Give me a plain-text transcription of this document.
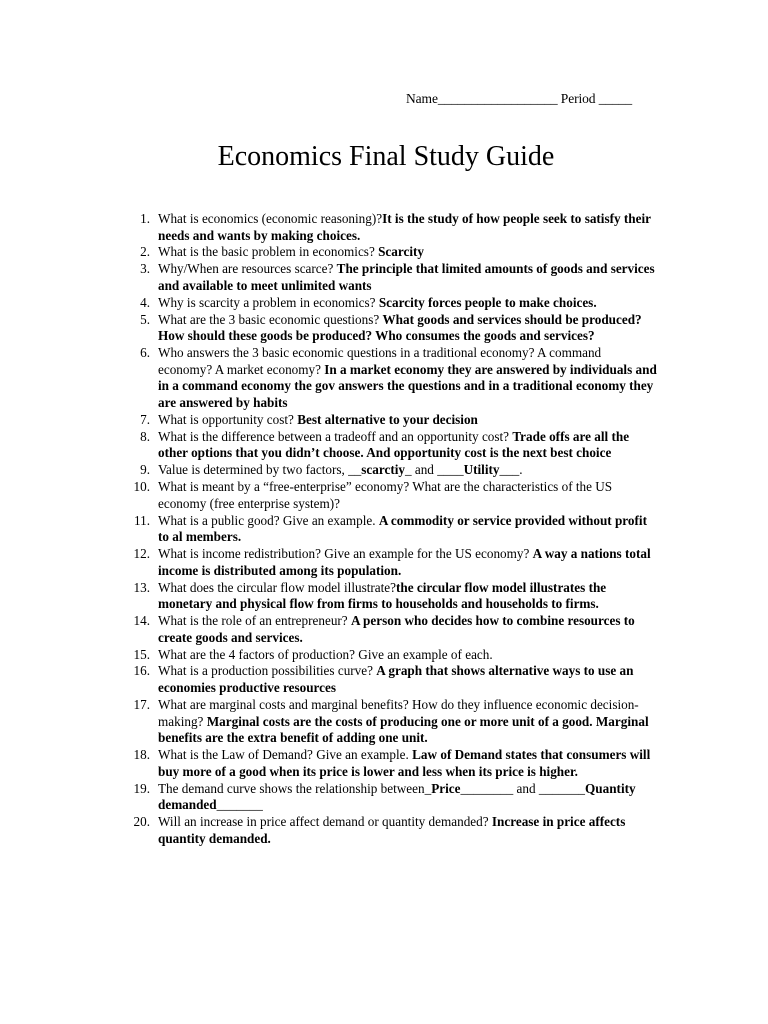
Name__________________ Period _____
Economics Final Study Guide
1. What is economics (economic reasoning)?It is the study of how people seek to satisfy their needs and wants by making choices.
2. What is the basic problem in economics? Scarcity
3. Why/When are resources scarce? The principle that limited amounts of goods and services and available to meet unlimited wants
4. Why is scarcity a problem in economics? Scarcity forces people to make choices.
5. What are the 3 basic economic questions? What goods and services should be produced? How should these goods be produced? Who consumes the goods and services?
6. Who answers the 3 basic economic questions in a traditional economy? A command economy? A market economy? In a market economy they are answered by individuals and in a command economy the gov answers the questions and in a traditional economy they are answered by habits
7. What is opportunity cost? Best alternative to your decision
8. What is the difference between a tradeoff and an opportunity cost? Trade offs are all the other options that you didn’t choose. And opportunity cost is the next best choice
9. Value is determined by two factors, __scarctiy_ and ____Utility___.
10. What is meant by a “free-enterprise” economy? What are the characteristics of the US economy (free enterprise system)?
11. What is a public good? Give an example. A commodity or service provided without profit to al members.
12. What is income redistribution? Give an example for the US economy? A way a nations total income is distributed among its population.
13. What does the circular flow model illustrate?the circular flow model illustrates the monetary and physical flow from firms to households and households to firms.
14. What is the role of an entrepreneur? A person who decides how to combine resources to create goods and services.
15. What are the 4 factors of production? Give an example of each.
16. What is a production possibilities curve? A graph that shows alternative ways to use an economies productive resources
17. What are marginal costs and marginal benefits? How do they influence economic decision-making? Marginal costs are the costs of producing one or more unit of a good. Marginal benefits are the extra benefit of adding one unit.
18. What is the Law of Demand? Give an example. Law of Demand states that consumers will buy more of a good when its price is lower and less when its price is higher.
19. The demand curve shows the relationship between_Price________ and _______Quantity demanded_______
20. Will an increase in price affect demand or quantity demanded? Increase in price affects quantity demanded.
